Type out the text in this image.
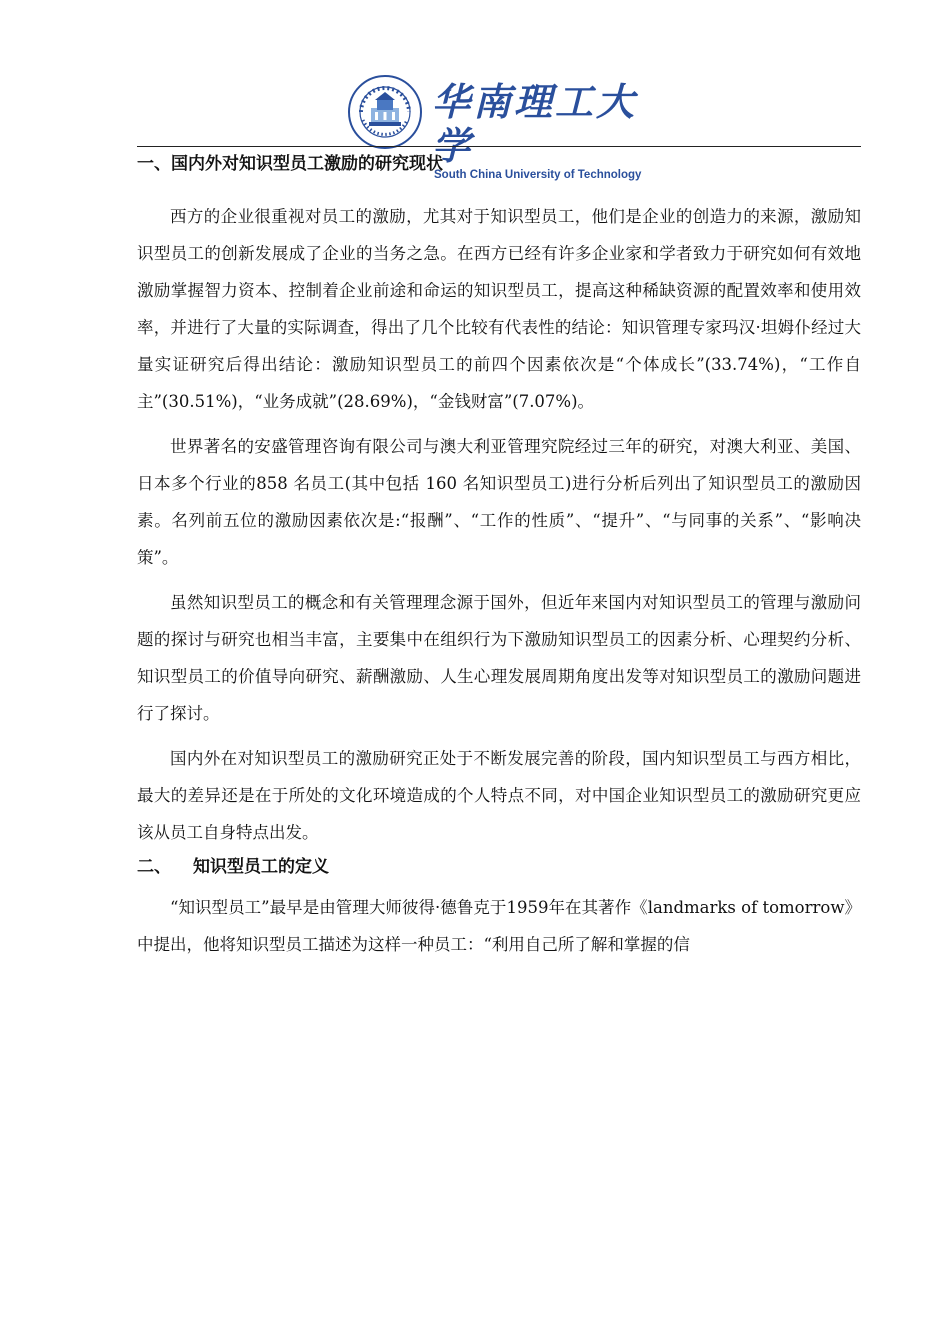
华南理工大学
South China University of Technology
一、国内外对知识型员工激励的研究现状

西方的企业很重视对员工的激励，尤其对于知识型员工，他们是企业的创造力的来源，激励知识型员工的创新发展成了企业的当务之急。在西方已经有许多企业家和学者致力于研究如何有效地激励掌握智力资本、控制着企业前途和命运的知识型员工，提高这种稀缺资源的配置效率和使用效率，并进行了大量的实际调查，得出了几个比较有代表性的结论：知识管理专家玛汉·坦姆仆经过大量实证研究后得出结论：激励知识型员工的前四个因素依次是“个体成长”(33.74%)，“工作自主”(30.51%)，“业务成就”(28.69%)，“金钱财富”(7.07%)。

世界著名的安盛管理咨询有限公司与澳大利亚管理究院经过三年的研究，对澳大利亚、美国、日本多个行业的858 名员工(其中包括 160 名知识型员工)进行分析后列出了知识型员工的激励因素。名列前五位的激励因素依次是:“报酬”、“工作的性质”、“提升”、“与同事的关系”、“影响决策”。

虽然知识型员工的概念和有关管理理念源于国外，但近年来国内对知识型员工的管理与激励问题的探讨与研究也相当丰富，主要集中在组织行为下激励知识型员工的因素分析、心理契约分析、知识型员工的价值导向研究、薪酬激励、人生心理发展周期角度出发等对知识型员工的激励问题进行了探讨。

国内外在对知识型员工的激励研究正处于不断发展完善的阶段，国内知识型员工与西方相比，最大的差异还是在于所处的文化环境造成的个人特点不同，对中国企业知识型员工的激励研究更应该从员工自身特点出发。

二、 知识型员工的定义

“知识型员工”最早是由管理大师彼得·德鲁克于1959年在其著作《landmarks of tomorrow》中提出，他将知识型员工描述为这样一种员工：“利用自己所了解和掌握的信
